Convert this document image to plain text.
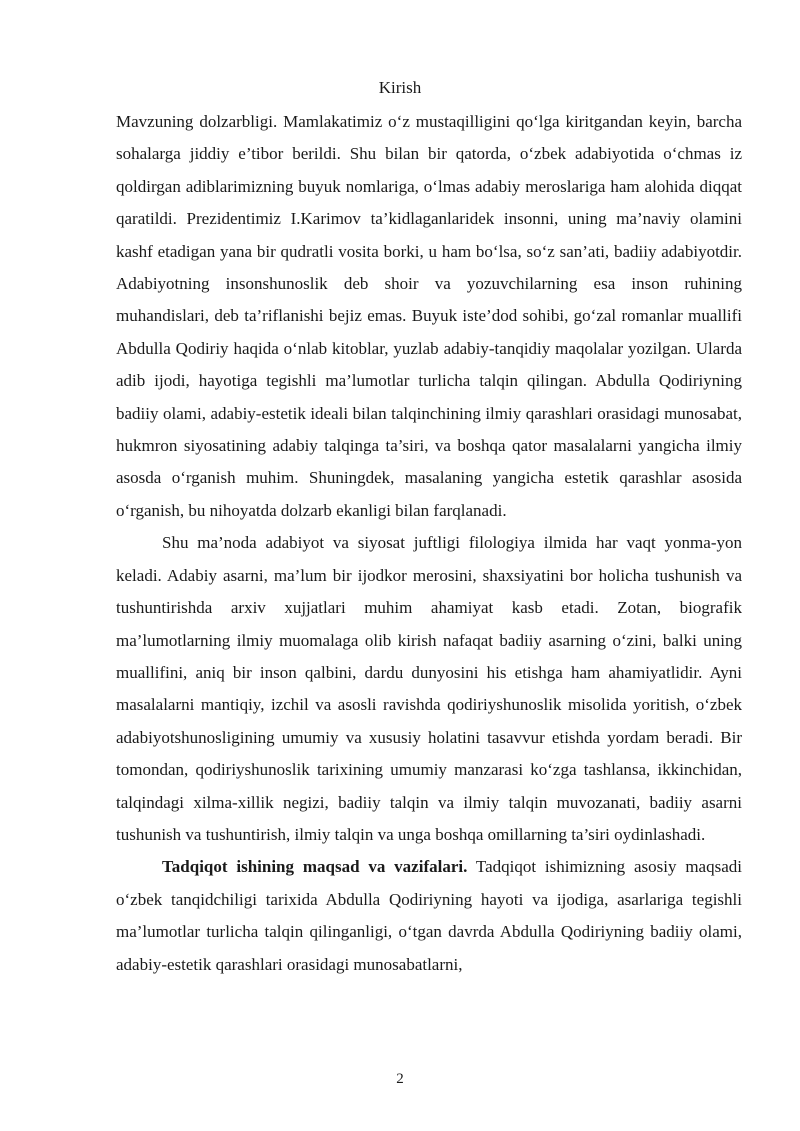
Kirish

Mavzuning dolzarbligi. Mamlakatimiz o‘z mustaqilligini qo‘lga kiritgandan keyin, barcha sohalarga jiddiy e’tibor berildi. Shu bilan bir qatorda, o‘zbek adabiyotida o‘chmas iz qoldirgan adiblarimizning buyuk nomlariga, o‘lmas adabiy meroslariga ham alohida diqqat qaratildi. Prezidentimiz I.Karimov ta’kidlaganlaridek insonni, uning ma’naviy olamini kashf etadigan yana bir qudratli vosita borki, u ham bo‘lsa, so‘z san’ati, badiiy adabiyotdir. Adabiyotning insonshunoslik deb shoir va yozuvchilarning esa inson ruhining muhandislari, deb ta’riflanishi bejiz emas. Buyuk iste’dod sohibi, go‘zal romanlar muallifi Abdulla Qodiriy haqida o‘nlab kitoblar, yuzlab adabiy-tanqidiy maqolalar yozilgan. Ularda adib ijodi, hayotiga tegishli ma’lumotlar turlicha talqin qilingan. Abdulla Qodiriyning badiiy olami, adabiy-estetik ideali bilan talqinchining ilmiy qarashlari orasidagi munosabat, hukmron siyosatining adabiy talqinga ta’siri, va boshqa qator masalalarni yangicha ilmiy asosda o‘rganish muhim. Shuningdek, masalaning yangicha estetik qarashlar asosida o‘rganish, bu nihoyatda dolzarb ekanligi bilan farqlanadi.

Shu ma’noda adabiyot va siyosat juftligi filologiya ilmida har vaqt yonma-yon keladi. Adabiy asarni, ma’lum bir ijodkor merosini, shaxsiyatini bor holicha tushunish va tushuntirishda arxiv xujjatlari muhim ahamiyat kasb etadi. Zotan, biografik ma’lumotlarning ilmiy muomalaga olib kirish nafaqat badiiy asarning o‘zini, balki uning muallifini, aniq bir inson qalbini, dardu dunyosini his etishga ham ahamiyatlidir. Ayni masalalarni mantiqiy, izchil va asosli ravishda qodiriyshunoslik misolida yoritish, o‘zbek adabiyotshunosligining umumiy va xususiy holatini tasavvur etishda yordam beradi. Bir tomondan, qodiriyshunoslik tarixining umumiy manzarasi ko‘zga tashlansa, ikkinchidan, talqindagi xilma-xillik negizi, badiiy talqin va ilmiy talqin muvozanati, badiiy asarni tushunish va tushuntirish, ilmiy talqin va unga boshqa omillarning ta’siri oydinlashadi.

Tadqiqot ishining maqsad va vazifalari. Tadqiqot ishimizning asosiy maqsadi o‘zbek tanqidchiligi tarixida Abdulla Qodiriyning hayoti va ijodiga, asarlariga tegishli ma’lumotlar turlicha talqin qilinganligi, o‘tgan davrda Abdulla Qodiriyning badiiy olami, adabiy-estetik qarashlari orasidagi munosabatlarni,

2
